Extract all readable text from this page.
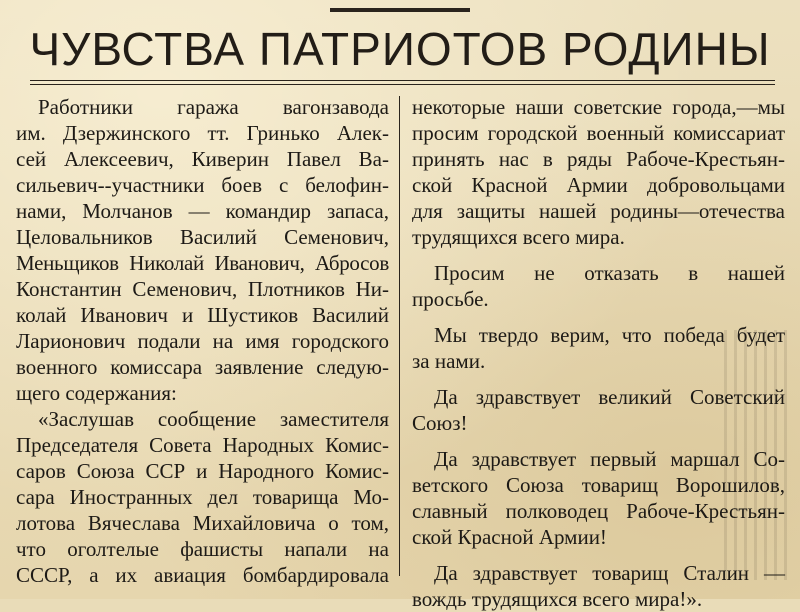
ЧУВСТВА ПАТРИОТОВ РОДИНЫ
Работники гаража вагонзавода
им. Дзержинского тт. Гринько Алек-
сей Алексеевич, Киверин Павел Ва-
сильевич--участники боев с белофин-
нами, Молчанов — командир запаса,
Целовальников Василий Семенович,
Меньщиков Николай Иванович, Абросов
Константин Семенович, Плотников Ни-
колай Иванович и Шустиков Василий
Ларионович подали на имя городского
военного комиссара заявление следую-
щего содержания:
«Заслушав сообщение заместителя
Председателя Совета Народных Комис-
саров Союза ССР и Народного Комис-
сара Иностранных дел товарища Мо-
лотова Вячеслава Михайловича о том,
что оголтелые фашисты напали на
СССР, а их авиация бомбардировала
некоторые наши советские города,—мы
просим городской военный комиссариат
принять нас в ряды Рабоче-Крестьян-
ской Красной Армии добровольцами
для защиты нашей родины—отечества
трудящихся всего мира.
Просим не отказать в нашей
просьбе.
Мы твердо верим, что победа будет
за нами.
Да здравствует великий Советский
Союз!
Да здравствует первый маршал Со-
ветского Союза товарищ Ворошилов,
славный полководец Рабоче-Крестьян-
ской Красной Армии!
Да здравствует товарищ Сталин —
вождь трудящихся всего мира!».
